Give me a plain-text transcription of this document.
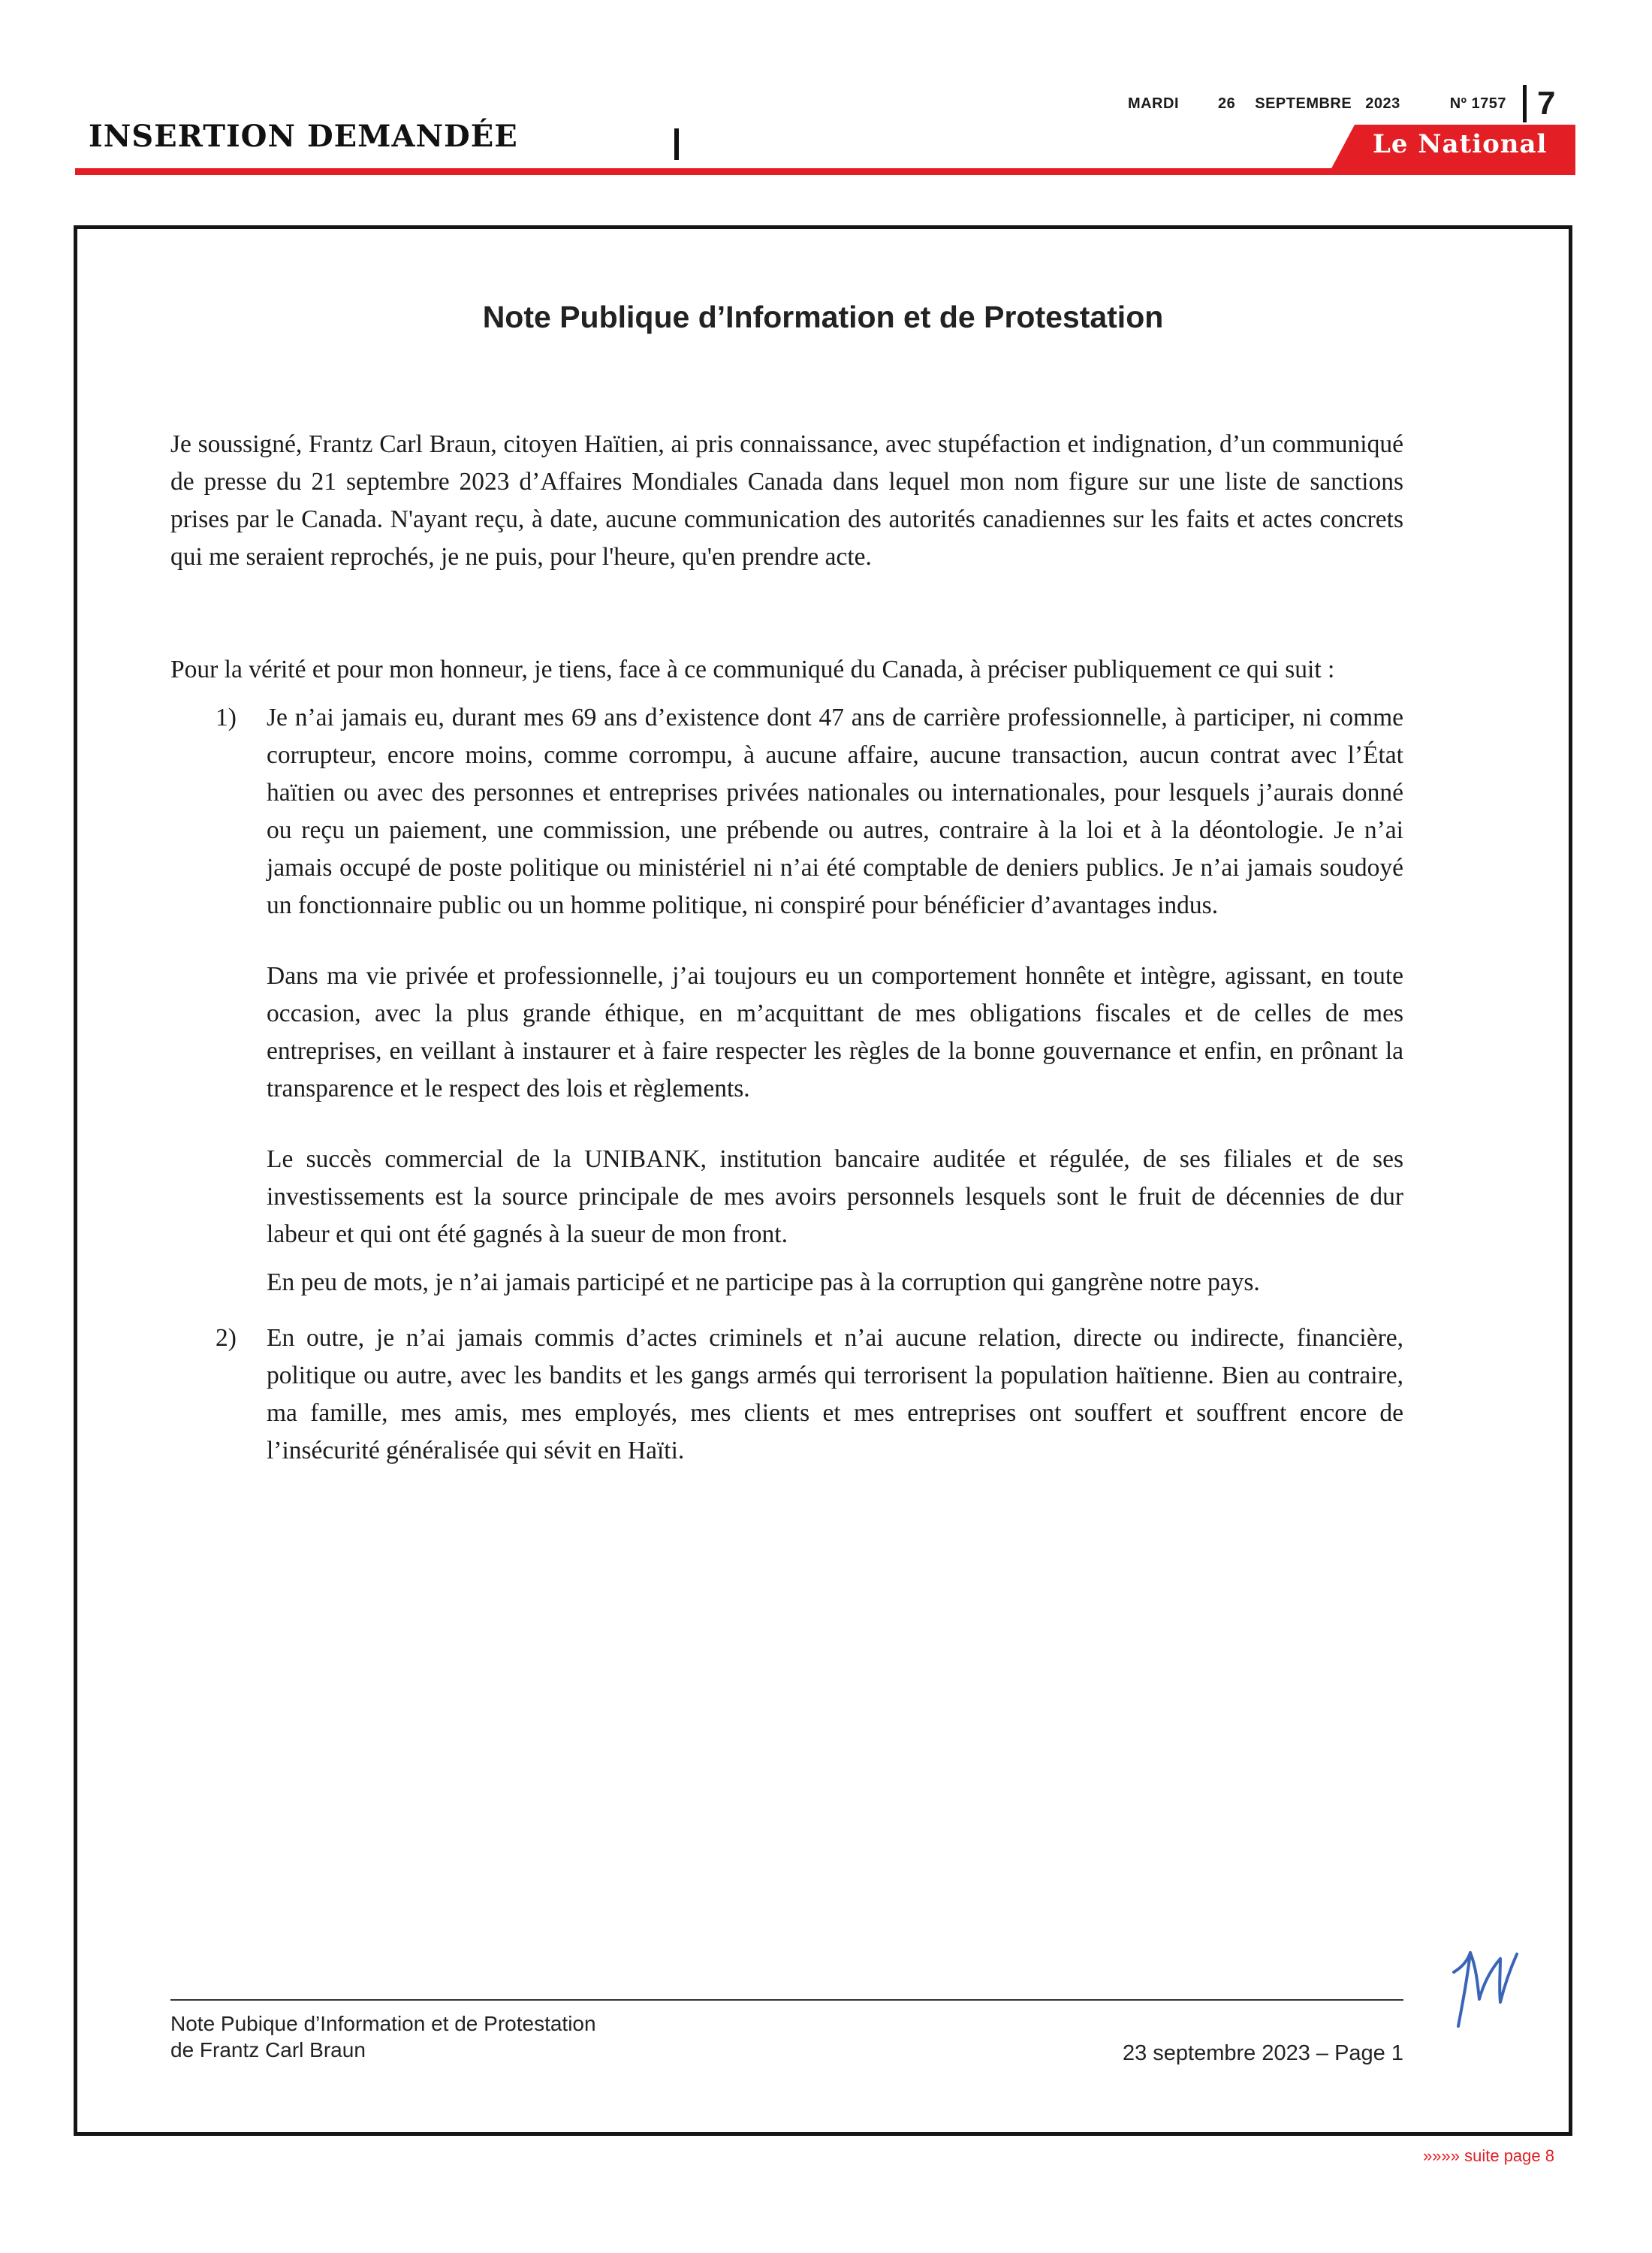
MARDI	26 SEPTEMBRE 2023	Nº 1757 7
INSERTION DEMANDÉE	Le National
Note Publique d’Information et de Protestation

Je soussigné, Frantz Carl Braun, citoyen Haïtien, ai pris connaissance, avec stupéfaction et indignation, d’un communiqué de presse du 21 septembre 2023 d’Affaires Mondiales Canada dans lequel mon nom figure sur une liste de sanctions prises par le Canada. N'ayant reçu, à date, aucune communication des autorités canadiennes sur les faits et actes concrets qui me seraient reprochés, je ne puis, pour l'heure, qu'en prendre acte.

Pour la vérité et pour mon honneur, je tiens, face à ce communiqué du Canada, à préciser publiquement ce qui suit :

1) Je n’ai jamais eu, durant mes 69 ans d’existence dont 47 ans de carrière professionnelle, à participer, ni comme corrupteur, encore moins, comme corrompu, à aucune affaire, aucune transaction, aucun contrat avec l’État haïtien ou avec des personnes et entreprises privées nationales ou internationales, pour lesquels j’aurais donné ou reçu un paiement, une commission, une prébende ou autres, contraire à la loi et à la déontologie. Je n’ai jamais occupé de poste politique ou ministériel ni n’ai été comptable de deniers publics. Je n’ai jamais soudoyé un fonctionnaire public ou un homme politique, ni conspiré pour bénéficier d’avantages indus.

Dans ma vie privée et professionnelle, j’ai toujours eu un comportement honnête et intègre, agissant, en toute occasion, avec la plus grande éthique, en m’acquittant de mes obligations fiscales et de celles de mes entreprises, en veillant à instaurer et à faire respecter les règles de la bonne gouvernance et enfin, en prônant la transparence et le respect des lois et règlements.

Le succès commercial de la UNIBANK, institution bancaire auditée et régulée, de ses filiales et de ses investissements est la source principale de mes avoirs personnels lesquels sont le fruit de décennies de dur labeur et qui ont été gagnés à la sueur de mon front.

En peu de mots, je n’ai jamais participé et ne participe pas à la corruption qui gangrène notre pays.

2) En outre, je n’ai jamais commis d’actes criminels et n’ai aucune relation, directe ou indirecte, financière, politique ou autre, avec les bandits et les gangs armés qui terrorisent la population haïtienne. Bien au contraire, ma famille, mes amis, mes employés, mes clients et mes entreprises ont souffert et souffrent encore de l’insécurité généralisée qui sévit en Haïti.

Note Pubique d’Information et de Protestation
de Frantz Carl Braun	23 septembre 2023 – Page 1
»»»» suite page 8
